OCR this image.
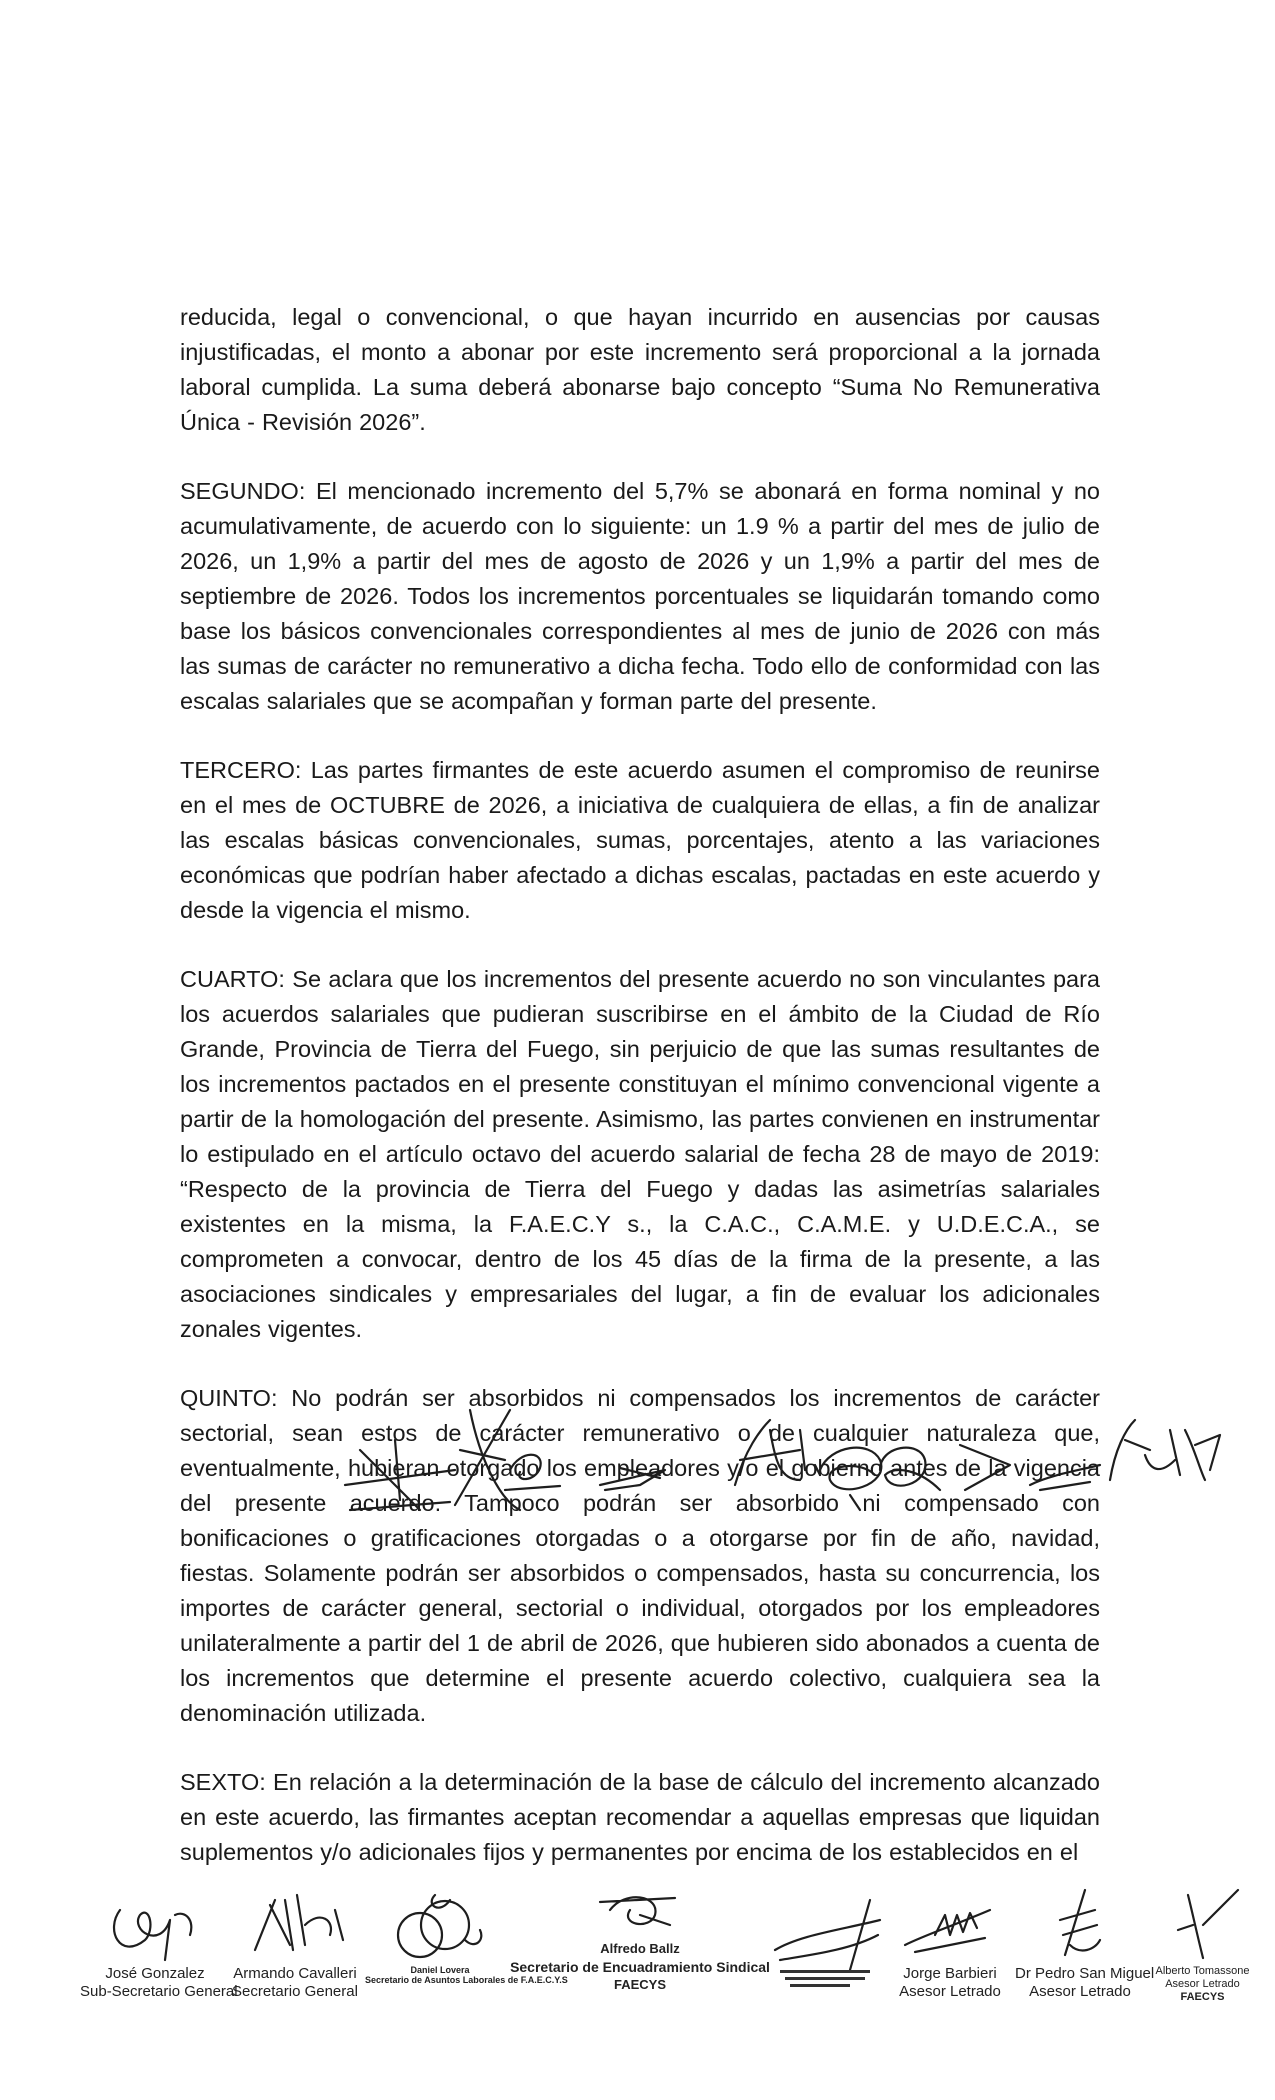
reducida, legal o convencional, o que hayan incurrido en ausencias por causas injustificadas, el monto a abonar por este incremento será proporcional a la jornada laboral cumplida. La suma deberá abonarse bajo concepto “Suma No Remunerativa Única - Revisión 2026”.

SEGUNDO: El mencionado incremento del 5,7% se abonará en forma nominal y no acumulativamente, de acuerdo con lo siguiente: un 1.9 % a partir del mes de julio de 2026, un 1,9% a partir del mes de agosto de 2026 y un 1,9% a partir del mes de septiembre de 2026. Todos los incrementos porcentuales se liquidarán tomando como base los básicos convencionales correspondientes al mes de junio de 2026 con más las sumas de carácter no remunerativo a dicha fecha. Todo ello de conformidad con las escalas salariales que se acompañan y forman parte del presente.

TERCERO: Las partes firmantes de este acuerdo asumen el compromiso de reunirse en el mes de OCTUBRE de 2026, a iniciativa de cualquiera de ellas, a fin de analizar las escalas básicas convencionales, sumas, porcentajes, atento a las variaciones económicas que podrían haber afectado a dichas escalas, pactadas en este acuerdo y desde la vigencia el mismo.

CUARTO: Se aclara que los incrementos del presente acuerdo no son vinculantes para los acuerdos salariales que pudieran suscribirse en el ámbito de la Ciudad de Río Grande, Provincia de Tierra del Fuego, sin perjuicio de que las sumas resultantes de los incrementos pactados en el presente constituyan el mínimo convencional vigente a partir de la homologación del presente. Asimismo, las partes convienen en instrumentar lo estipulado en el artículo octavo del acuerdo salarial de fecha 28 de mayo de 2019: “Respecto de la provincia de Tierra del Fuego y dadas las asimetrías salariales existentes en la misma, la F.A.E.C.Y s., la C.A.C., C.A.M.E. y U.D.E.C.A., se comprometen a convocar, dentro de los 45 días de la firma de la presente, a las asociaciones sindicales y empresariales del lugar, a fin de evaluar los adicionales zonales vigentes.

QUINTO: No podrán ser absorbidos ni compensados los incrementos de carácter sectorial, sean estos de carácter remunerativo o de cualquier naturaleza que, eventualmente, hubieran otorgado los empleadores y/o el gobierno antes de la vigencia del presente acuerdo. Tampoco podrán ser absorbido ni compensado con bonificaciones o gratificaciones otorgadas o a otorgarse por fin de año, navidad, fiestas. Solamente podrán ser absorbidos o compensados, hasta su concurrencia, los importes de carácter general, sectorial o individual, otorgados por los empleadores unilateralmente a partir del 1 de abril de 2026, que hubieren sido abonados a cuenta de los incrementos que determine el presente acuerdo colectivo, cualquiera sea la denominación utilizada.

SEXTO: En relación a la determinación de la base de cálculo del incremento alcanzado en este acuerdo, las firmantes aceptan recomendar a aquellas empresas que liquidan suplementos y/o adicionales fijos y permanentes por encima de los establecidos en el

José Gonzalez
Sub-Secretario General
Armando Cavalleri
Secretario General
Daniel Lovera
Secretario de Asuntos Laborales de F.A.E.C.Y.S
Alfredo Ballz
Secretario de Encuadramiento Sindical
FAECYS
Jorge Barbieri
Asesor Letrado
Dr Pedro San Miguel
Asesor Letrado
Alberto Tomassone
Asesor Letrado
FAECYS
